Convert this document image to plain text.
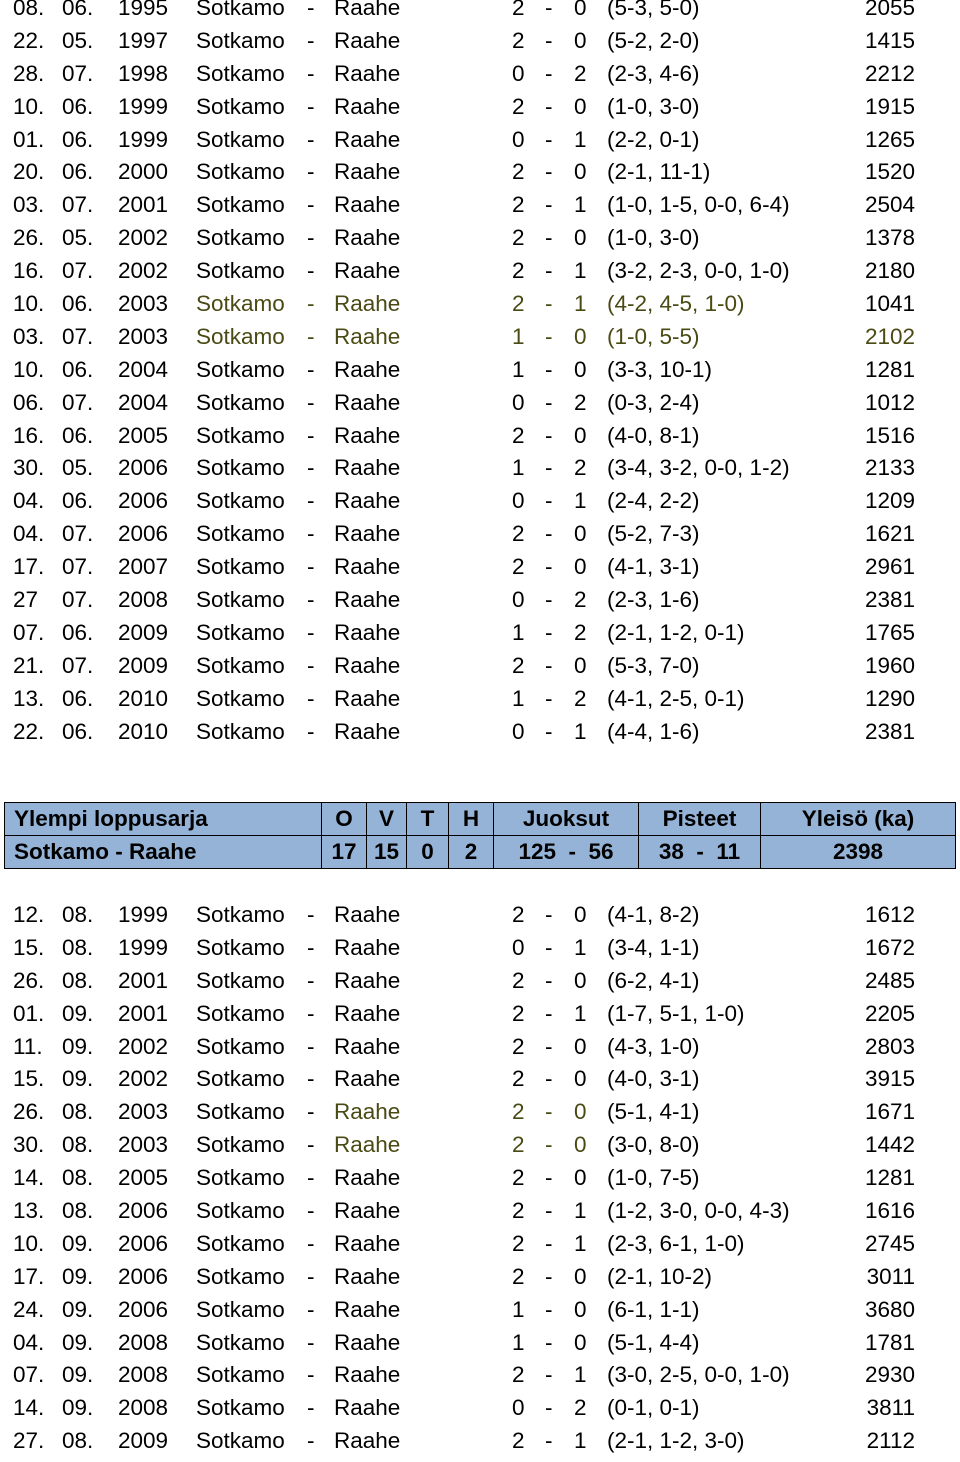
08. 06. 1995 Sotkamo - Raahe	2 - 0 (5-3, 5-0)	2055
22. 05. 1997 Sotkamo - Raahe	2 - 0 (5-2, 2-0)	1415
28. 07. 1998 Sotkamo - Raahe	0 - 2 (2-3, 4-6)	2212
10. 06. 1999 Sotkamo - Raahe	2 - 0 (1-0, 3-0)	1915
01. 06. 1999 Sotkamo - Raahe	0 - 1 (2-2, 0-1)	1265
20. 06. 2000 Sotkamo - Raahe	2 - 0 (2-1, 11-1)	1520
03. 07. 2001 Sotkamo - Raahe	2 - 1 (1-0, 1-5, 0-0, 6-4)	2504
26. 05. 2002 Sotkamo - Raahe	2 - 0 (1-0, 3-0)	1378
16. 07. 2002 Sotkamo - Raahe	2 - 1 (3-2, 2-3, 0-0, 1-0)	2180
10. 06. 2003 Sotkamo - Raahe	2 - 1 (4-2, 4-5, 1-0)	1041
03. 07. 2003 Sotkamo - Raahe	1 - 0 (1-0, 5-5)	2102
10. 06. 2004 Sotkamo - Raahe	1 - 0 (3-3, 10-1)	1281
06. 07. 2004 Sotkamo - Raahe	0 - 2 (0-3, 2-4)	1012
16. 06. 2005 Sotkamo - Raahe	2 - 0 (4-0, 8-1)	1516
30. 05. 2006 Sotkamo - Raahe	1 - 2 (3-4, 3-2, 0-0, 1-2)	2133
04. 06. 2006 Sotkamo - Raahe	0 - 1 (2-4, 2-2)	1209
04. 07. 2006 Sotkamo - Raahe	2 - 0 (5-2, 7-3)	1621
17. 07. 2007 Sotkamo - Raahe	2 - 0 (4-1, 3-1)	2961
27 07. 2008 Sotkamo - Raahe	0 - 2 (2-3, 1-6)	2381
07. 06. 2009 Sotkamo - Raahe	1 - 2 (2-1, 1-2, 0-1)	1765
21. 07. 2009 Sotkamo - Raahe	2 - 0 (5-3, 7-0)	1960
13. 06. 2010 Sotkamo - Raahe	1 - 2 (4-1, 2-5, 0-1)	1290
22. 06. 2010 Sotkamo - Raahe	0 - 1 (4-4, 1-6)	2381
Ylempi loppusarja	O	V	T	H	Juoksut	Pisteet	Yleisö (ka)
Sotkamo - Raahe	17	15	0	2	125  -  56	38  -  11	2398
12. 08. 1999 Sotkamo - Raahe	2 - 0 (4-1, 8-2)	1612
15. 08. 1999 Sotkamo - Raahe	0 - 1 (3-4, 1-1)	1672
26. 08. 2001 Sotkamo - Raahe	2 - 0 (6-2, 4-1)	2485
01. 09. 2001 Sotkamo - Raahe	2 - 1 (1-7, 5-1, 1-0)	2205
11. 09. 2002 Sotkamo - Raahe	2 - 0 (4-3, 1-0)	2803
15. 09. 2002 Sotkamo - Raahe	2 - 0 (4-0, 3-1)	3915
26. 08. 2003 Sotkamo - Raahe	2 - 0 (5-1, 4-1)	1671
30. 08. 2003 Sotkamo - Raahe	2 - 0 (3-0, 8-0)	1442
14. 08. 2005 Sotkamo - Raahe	2 - 0 (1-0, 7-5)	1281
13. 08. 2006 Sotkamo - Raahe	2 - 1 (1-2, 3-0, 0-0, 4-3)	1616
10. 09. 2006 Sotkamo - Raahe	2 - 1 (2-3, 6-1, 1-0)	2745
17. 09. 2006 Sotkamo - Raahe	2 - 0 (2-1, 10-2)	3011
24. 09. 2006 Sotkamo - Raahe	1 - 0 (6-1, 1-1)	3680
04. 09. 2008 Sotkamo - Raahe	1 - 0 (5-1, 4-4)	1781
07. 09. 2008 Sotkamo - Raahe	2 - 1 (3-0, 2-5, 0-0, 1-0)	2930
14. 09. 2008 Sotkamo - Raahe	0 - 2 (0-1, 0-1)	3811
27. 08. 2009 Sotkamo - Raahe	2 - 1 (2-1, 1-2, 3-0)	2112
